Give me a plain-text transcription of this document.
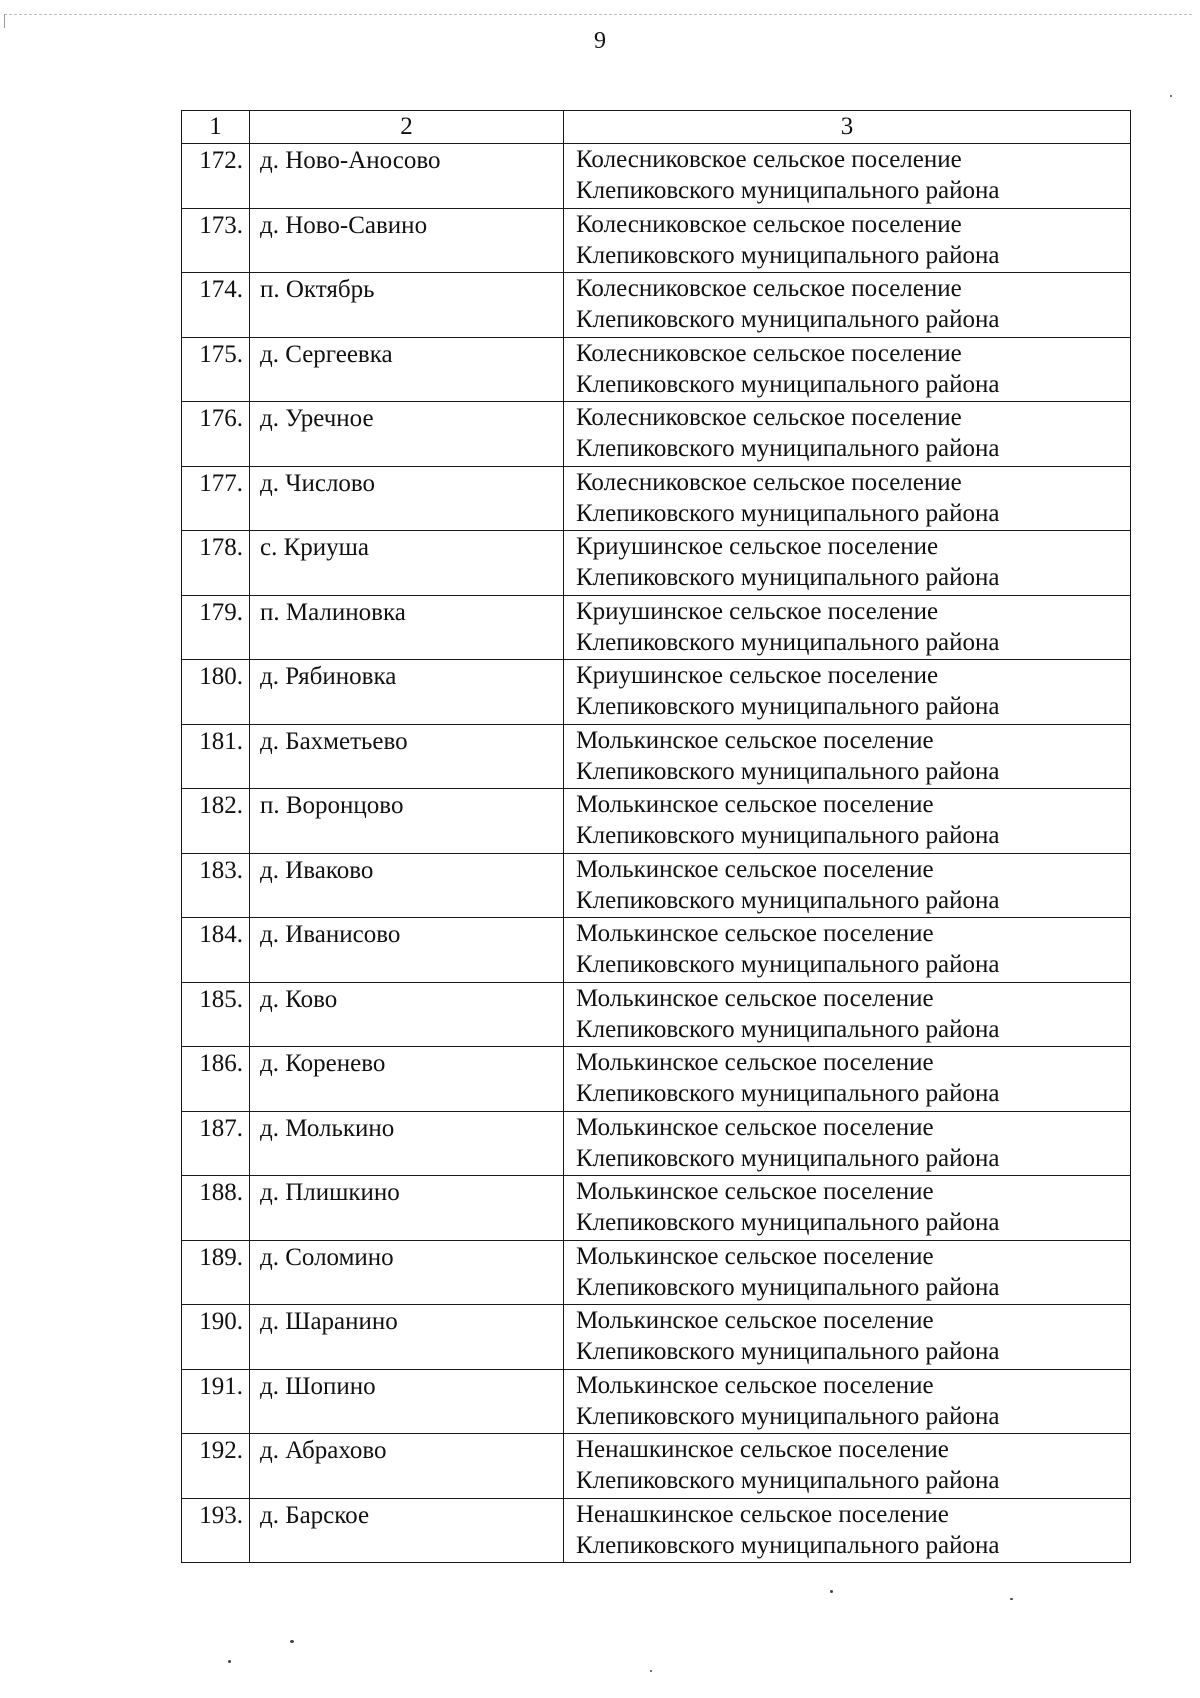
9
1	2	3
172.	д. Ново-Аносово	Колесниковское сельское поселение
Клепиковского муниципального района

173.	д. Ново-Савино	Колесниковское сельское поселение
Клепиковского муниципального района

174.	п. Октябрь	Колесниковское сельское поселение
Клепиковского муниципального района

175.	д. Сергеевка	Колесниковское сельское поселение
Клепиковского муниципального района

176.	д. Уречное	Колесниковское сельское поселение
Клепиковского муниципального района

177.	д. Числово	Колесниковское сельское поселение
Клепиковского муниципального района

178.	с. Криуша	Криушинское сельское поселение
Клепиковского муниципального района

179.	п. Малиновка	Криушинское сельское поселение
Клепиковского муниципального района

180.	д. Рябиновка	Криушинское сельское поселение
Клепиковского муниципального района

181.	д. Бахметьево	Молькинское сельское поселение
Клепиковского муниципального района

182.	п. Воронцово	Молькинское сельское поселение
Клепиковского муниципального района

183.	д. Иваково	Молькинское сельское поселение
Клепиковского муниципального района

184.	д. Иванисово	Молькинское сельское поселение
Клепиковского муниципального района

185.	д. Ково	Молькинское сельское поселение
Клепиковского муниципального района

186.	д. Коренево	Молькинское сельское поселение
Клепиковского муниципального района

187.	д. Молькино	Молькинское сельское поселение
Клепиковского муниципального района

188.	д. Плишкино	Молькинское сельское поселение
Клепиковского муниципального района

189.	д. Соломино	Молькинское сельское поселение
Клепиковского муниципального района

190.	д. Шаранино	Молькинское сельское поселение
Клепиковского муниципального района

191.	д. Шопино	Молькинское сельское поселение
Клепиковского муниципального района

192.	д. Абрахово	Ненашкинское сельское поселение
Клепиковского муниципального района

193.	д. Барское	Ненашкинское сельское поселение
Клепиковского муниципального района
